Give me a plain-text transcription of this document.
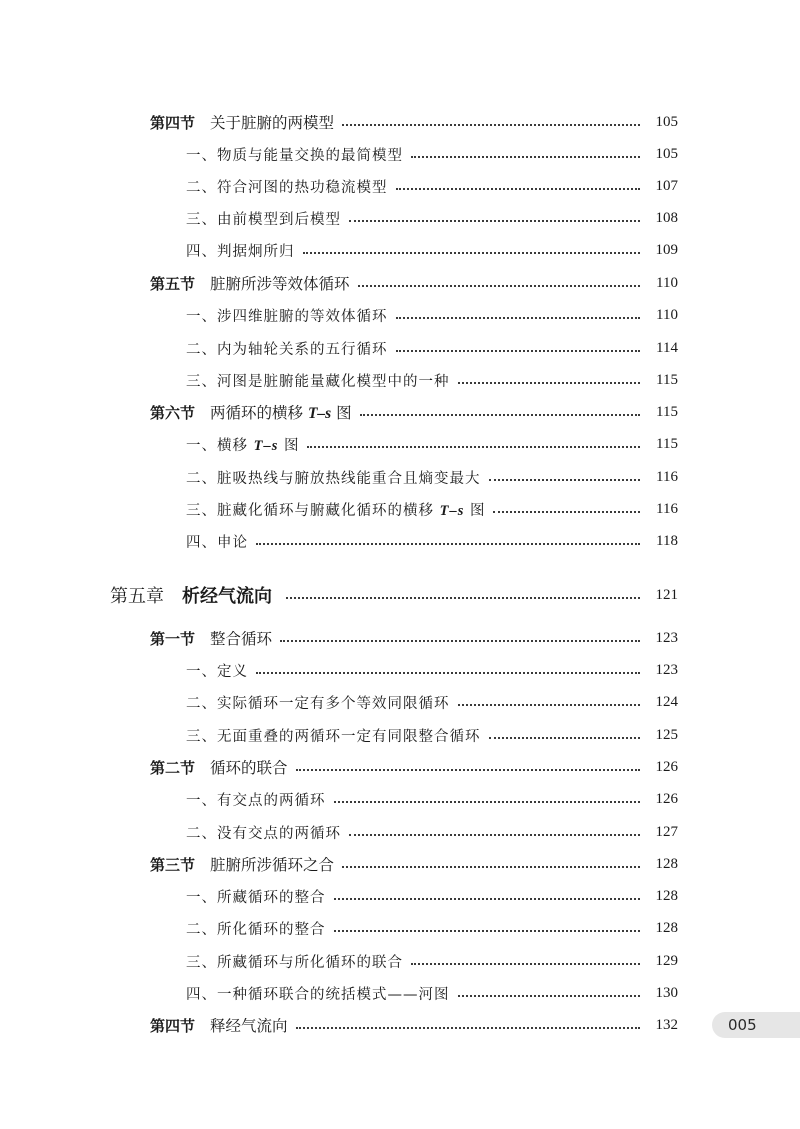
第四节 关于脏腑的两模型	105
一、物质与能量交换的最简模型	105
二、符合河图的热功稳流模型	107
三、由前模型到后模型	108
四、判据炯所归	109
第五节 脏腑所涉等效体循环	110
一、涉四维脏腑的等效体循环	110
二、内为轴轮关系的五行循环	114
三、河图是脏腑能量藏化模型中的一种	115
第六节 两循环的横移 T–s 图	115
一、横移 T–s 图	115
二、脏吸热线与腑放热线能重合且熵变最大	116
三、脏藏化循环与腑藏化循环的横移 T–s 图	116
四、申论	118
第五章 析经气流向	121
第一节 整合循环	123
一、定义	123
二、实际循环一定有多个等效同限循环	124
三、无面重叠的两循环一定有同限整合循环	125
第二节 循环的联合	126
一、有交点的两循环	126
二、没有交点的两循环	127
第三节 脏腑所涉循环之合	128
一、所藏循环的整合	128
二、所化循环的整合	128
三、所藏循环与所化循环的联合	129
四、一种循环联合的统括模式——河图	130
第四节 释经气流向	132	005
